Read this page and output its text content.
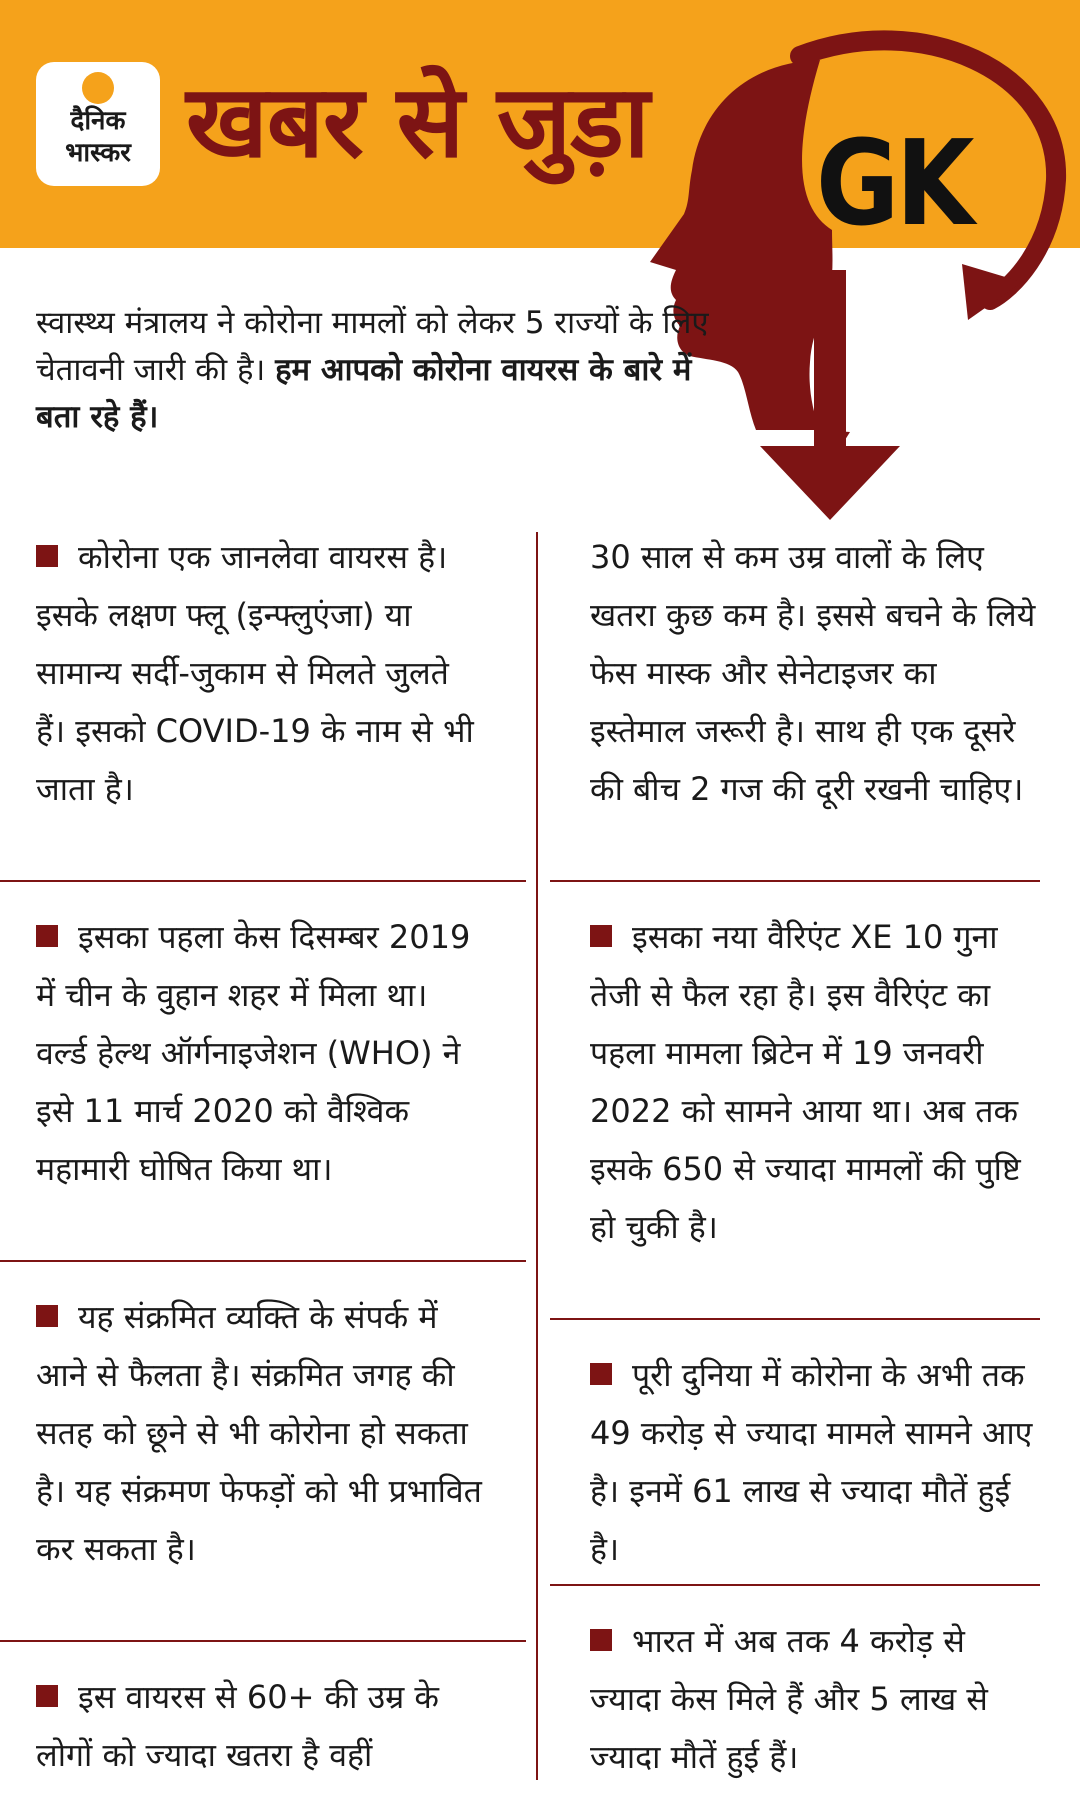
दैनिक
भास्कर खबर से जुड़ा GK
स्वास्थ्य मंत्रालय ने कोरोना मामलों को लेकर 5 राज्यों के लिए चेतावनी जारी की है। हम आपको कोरोना वायरस के बारे में बता रहे हैं।
कोरोना एक जानलेवा वायरस है। इसके लक्षण फ्लू (इन्फ्लुएंजा) या सामान्य सर्दी-जुकाम से मिलते जुलते हैं। इसको COVID-19 के नाम से भी जाता है।
इसका पहला केस दिसम्बर 2019 में चीन के वुहान शहर में मिला था। वर्ल्ड हेल्थ ऑर्गनाइजेशन (WHO) ने इसे 11 मार्च 2020 को वैश्विक महामारी घोषित किया था।
यह संक्रमित व्यक्ति के संपर्क में आने से फैलता है। संक्रमित जगह की सतह को छूने से भी कोरोना हो सकता है। यह संक्रमण फेफड़ों को भी प्रभावित कर सकता है।
इस वायरस से 60+ की उम्र के लोगों को ज्यादा खतरा है वहीं
30 साल से कम उम्र वालों के लिए खतरा कुछ कम है। इससे बचने के लिये फेस मास्क और सेनेटाइजर का इस्तेमाल जरूरी है। साथ ही एक दूसरे की बीच 2 गज की दूरी रखनी चाहिए।
इसका नया वैरिएंट XE 10 गुना तेजी से फैल रहा है। इस वैरिएंट का पहला मामला ब्रिटेन में 19 जनवरी 2022 को सामने आया था। अब तक इसके 650 से ज्यादा मामलों की पुष्टि हो चुकी है।
पूरी दुनिया में कोरोना के अभी तक 49 करोड़ से ज्यादा मामले सामने आए है। इनमें 61 लाख से ज्यादा मौतें हुई है।
भारत में अब तक 4 करोड़ से ज्यादा केस मिले हैं और 5 लाख से ज्यादा मौतें हुई हैं।
